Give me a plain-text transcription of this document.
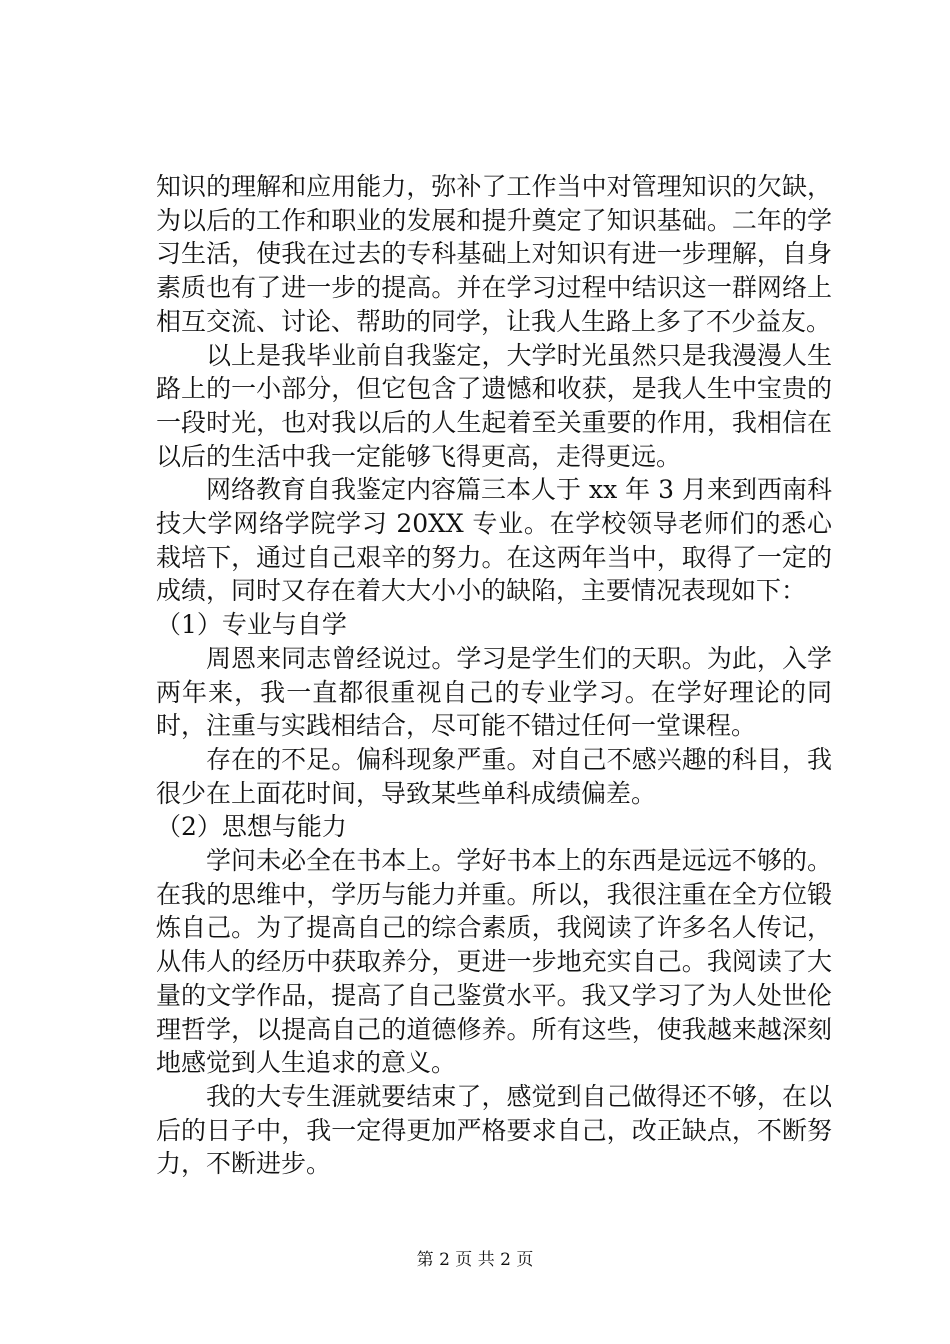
知识的理解和应用能力，弥补了工作当中对管理知识的欠缺，为以后的工作和职业的发展和提升奠定了知识基础。二年的学习生活，使我在过去的专科基础上对知识有进一步理解，自身素质也有了进一步的提高。并在学习过程中结识这一群网络上相互交流、讨论、帮助的同学，让我人生路上多了不少益友。

以上是我毕业前自我鉴定，大学时光虽然只是我漫漫人生路上的一小部分，但它包含了遗憾和收获，是我人生中宝贵的一段时光，也对我以后的人生起着至关重要的作用，我相信在以后的生活中我一定能够飞得更高，走得更远。

网络教育自我鉴定内容篇三本人于 xx 年 3 月来到西南科技大学网络学院学习 20XX 专业。在学校领导老师们的悉心栽培下，通过自己艰辛的努力。在这两年当中，取得了一定的成绩，同时又存在着大大小小的缺陷，主要情况表现如下：

（1）专业与自学

周恩来同志曾经说过。学习是学生们的天职。为此，入学两年来，我一直都很重视自己的专业学习。在学好理论的同时，注重与实践相结合，尽可能不错过任何一堂课程。

存在的不足。偏科现象严重。对自己不感兴趣的科目，我很少在上面花时间，导致某些单科成绩偏差。

（2）思想与能力

学问未必全在书本上。学好书本上的东西是远远不够的。在我的思维中，学历与能力并重。所以，我很注重在全方位锻炼自己。为了提高自己的综合素质，我阅读了许多名人传记，从伟人的经历中获取养分，更进一步地充实自己。我阅读了大量的文学作品，提高了自己鉴赏水平。我又学习了为人处世伦理哲学，以提高自己的道德修养。所有这些，使我越来越深刻地感觉到人生追求的意义。

我的大专生涯就要结束了，感觉到自己做得还不够，在以后的日子中，我一定得更加严格要求自己，改正缺点，不断努力，不断进步。

第 2 页 共 2 页
